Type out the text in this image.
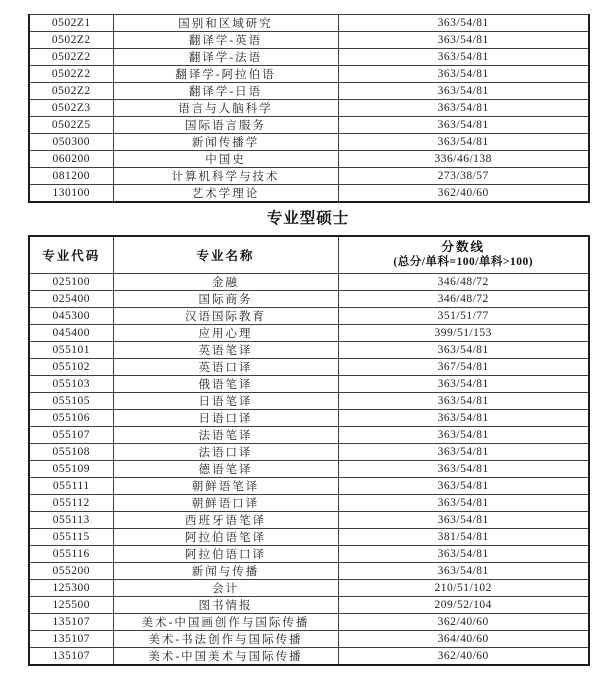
0502Z1	国别和区域研究	363/54/81
0502Z2	翻译学-英语	363/54/81
0502Z2	翻译学-法语	363/54/81
0502Z2	翻译学-阿拉伯语	363/54/81
0502Z2	翻译学-日语	363/54/81
0502Z3	语言与人脑科学	363/54/81
0502Z5	国际语言服务	363/54/81
050300	新闻传播学	363/54/81
060200	中国史	336/46/138
081200	计算机科学与技术	273/38/57
130100	艺术学理论	362/40/60
专业型硕士
专业代码	专业名称	分数线
(总分/单科=100/单科>100)

025100	金融	346/48/72
025400	国际商务	346/48/72
045300	汉语国际教育	351/51/77
045400	应用心理	399/51/153
055101	英语笔译	363/54/81
055102	英语口译	367/54/81
055103	俄语笔译	363/54/81
055105	日语笔译	363/54/81
055106	日语口译	363/54/81
055107	法语笔译	363/54/81
055108	法语口译	363/54/81
055109	德语笔译	363/54/81
055111	朝鲜语笔译	363/54/81
055112	朝鲜语口译	363/54/81
055113	西班牙语笔译	363/54/81
055115	阿拉伯语笔译	381/54/81
055116	阿拉伯语口译	363/54/81
055200	新闻与传播	363/54/81
125300	会计	210/51/102
125500	图书情报	209/52/104
135107	美术-中国画创作与国际传播	362/40/60
135107	美术-书法创作与国际传播	364/40/60
135107	美术-中国美术与国际传播	362/40/60
